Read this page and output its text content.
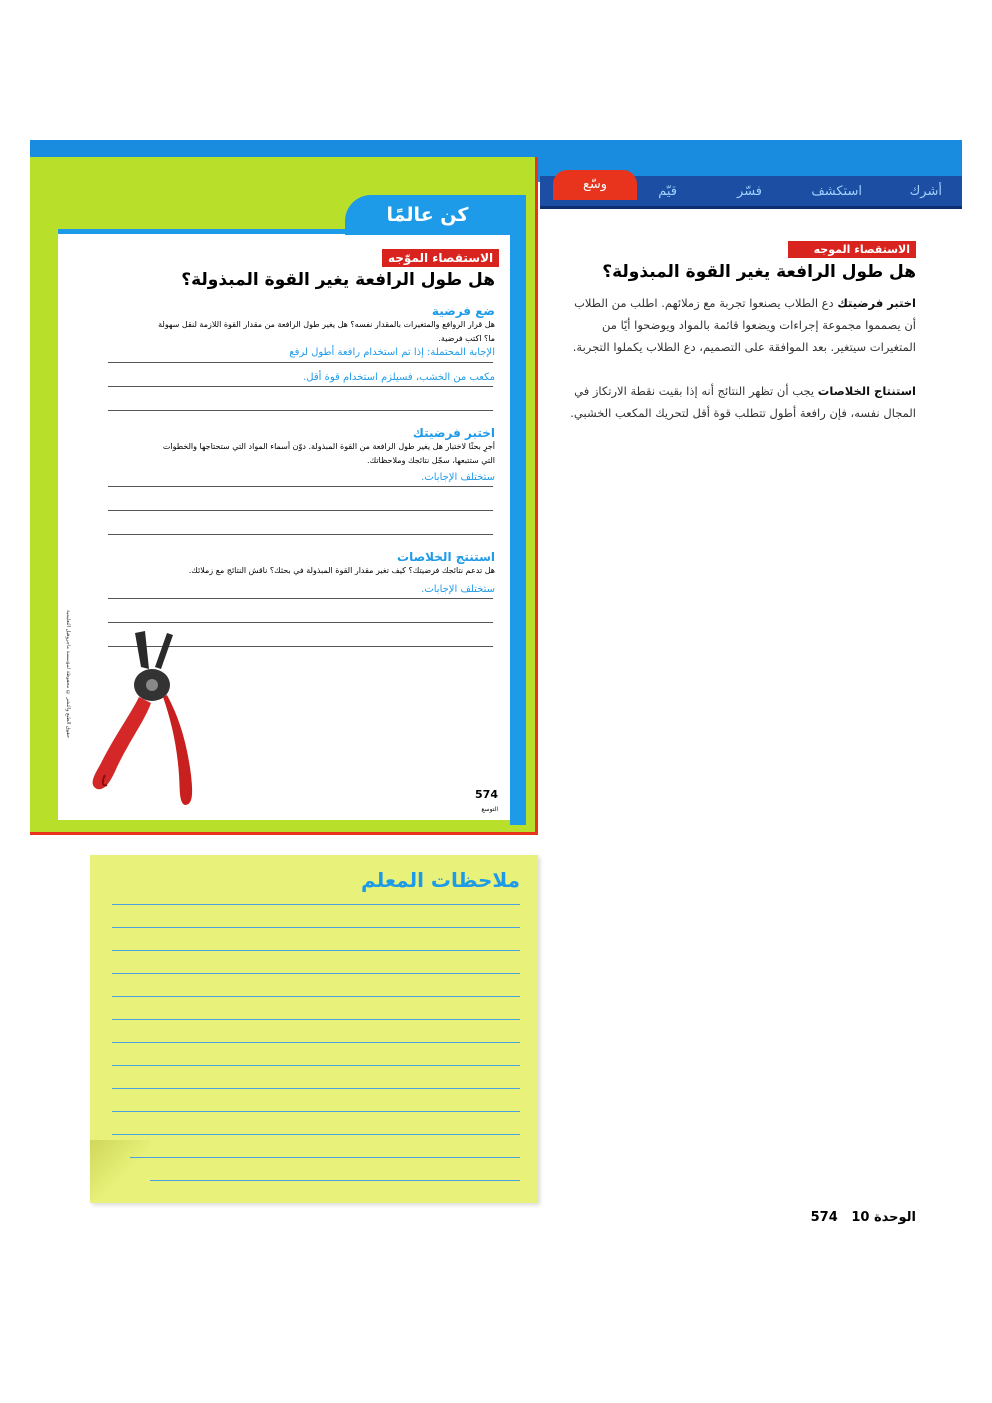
أشرك
استكشف
فسّر
قيّم
وسّع
كن عالمًا
الاستقصاء الموّجه
هل طول الرافعة يغير القوة المبذولة؟
ضع فرضية
هل قرار الروافع والمتغيرات بالمقدار نفسه؟ هل يغير طول الرافعة من مقدار القوة اللازمة لنقل سهولة ما؟ اكتب فرضية.
الإجابة المحتملة: إذا تم استخدام رافعة أطول لرفع
مكعب من الخشب، فسيلزم استخدام قوة أقل.
اختبر فرضيتك
أجرِ بحثًا لاختبار هل يغير طول الرافعة من القوة المبذولة. دوّن أسماء المواد التي ستحتاجها والخطوات التي ستتبعها، سجّل نتائجك وملاحظاتك.
ستختلف الإجابات.
استنتج الخلاصات
هل تدعم نتائجك فرضيتك؟ كيف تغير مقدار القوة المبذولة في بحثك؟ ناقش النتائج مع زملائك.
ستختلف الإجابات.
حقوق الطبع والنشر © محفوظة لمؤسسة ماجروهيل التعليمية
574
التوسع
الاستقصاء الموجه
هل طول الرافعة يغير القوة المبذولة؟
اختبر فرضيتك دع الطلاب يصنعوا تجربة مع زملائهم. اطلب من الطلاب أن يصمموا مجموعة إجراءات ويضعوا قائمة بالمواد ويوضحوا أيًا من المتغيرات سيتغير. بعد الموافقة على التصميم، دع الطلاب يكملوا التجربة.
استنتاج الخلاصات يجب أن تظهر النتائج أنه إذا بقيت نقطة الارتكاز في المجال نفسه، فإن رافعة أطول تتطلب قوة أقل لتحريك المكعب الخشبي.
ملاحظات المعلم
574 الوحدة 10
